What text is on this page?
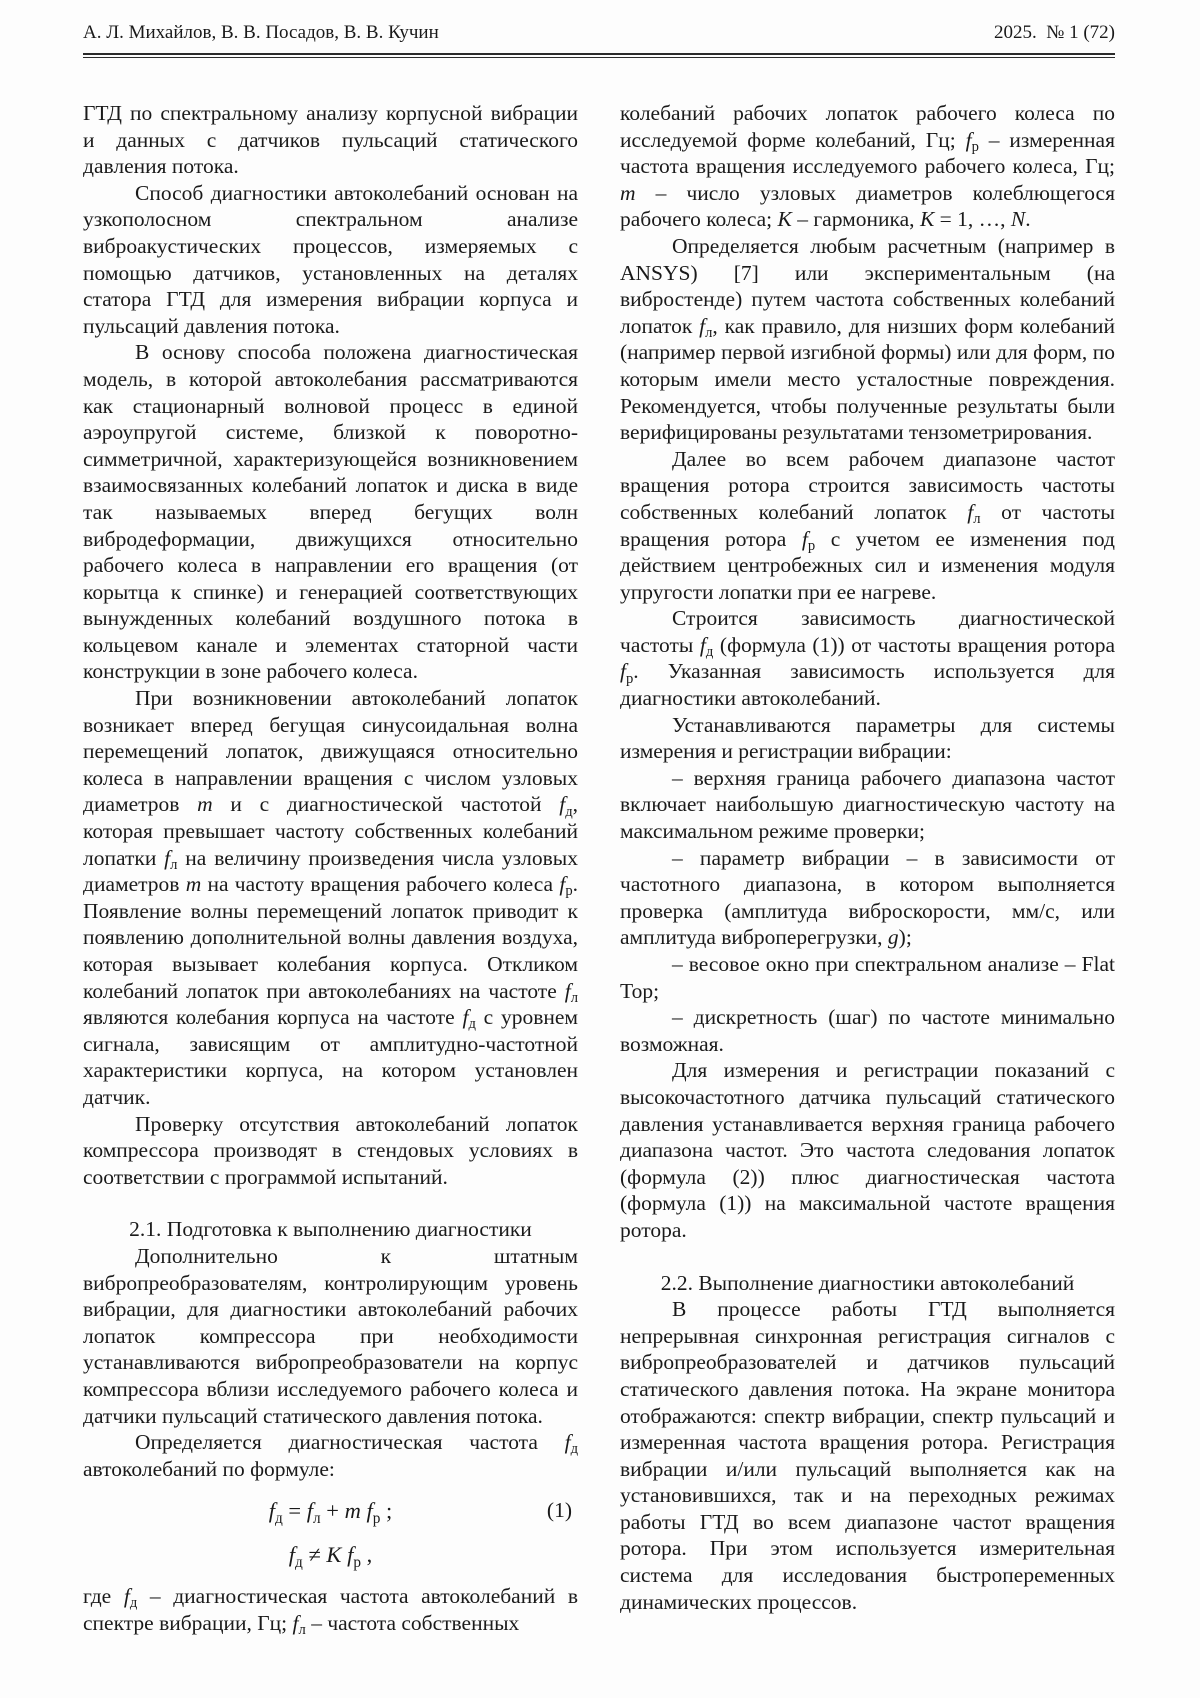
А. Л. Михайлов, В. В. Посадов, В. В. Кучин	2025.  № 1 (72)

ГТД по спектральному анализу корпусной вибрации и данных с датчиков пульсаций статического давления потока.

Способ диагностики автоколебаний основан на узкополосном спектральном анализе виброакустических процессов, измеряемых с помощью датчиков, установленных на деталях статора ГТД для измерения вибрации корпуса и пульсаций давления потока.

В основу способа положена диагностическая модель, в которой автоколебания рассматриваются как стационарный волновой процесс в единой аэроупругой системе, близкой к поворотно-симметричной, характеризующейся возникновением взаимосвязанных колебаний лопаток и диска в виде так называемых вперед бегущих волн вибродеформации, движущихся относительно рабочего колеса в направлении его вращения (от корытца к спинке) и генерацией соответствующих вынужденных колебаний воздушного потока в кольцевом канале и элементах статорной части конструкции в зоне рабочего колеса.

При возникновении автоколебаний лопаток возникает вперед бегущая синусоидальная волна перемещений лопаток, движущаяся относительно колеса в направлении вращения с числом узловых диаметров m и с диагностической частотой $f_д$, которая превышает частоту собственных колебаний лопатки $f_л$ на величину произведения числа узловых диаметров m на частоту вращения рабочего колеса $f_р$. Появление волны перемещений лопаток приводит к появлению дополнительной волны давления воздуха, которая вызывает колебания корпуса. Откликом колебаний лопаток при автоколебаниях на частоте $f_л$ являются колебания корпуса на частоте $f_д$ с уровнем сигнала, зависящим от амплитудно-частотной характеристики корпуса, на котором установлен датчик.

Проверку отсутствия автоколебаний лопаток компрессора производят в стендовых условиях в соответствии с программой испытаний.

2.1. Подготовка к выполнению диагностики

Дополнительно к штатным вибропреобразователям, контролирующим уровень вибрации, для диагностики автоколебаний рабочих лопаток компрессора при необходимости устанавливаются вибропреобразователи на корпус компрессора вблизи исследуемого рабочего колеса и датчики пульсаций статического давления потока.

Определяется диагностическая частота $f_д$ автоколебаний по формуле:

$f_д = f_л + m$ $f_р$ ;	(1)
$f_д \ne K$ $f_р$ ,

где $f_д$ – диагностическая частота автоколебаний в спектре вибрации, Гц; $f_л$ – частота собственных

колебаний рабочих лопаток рабочего колеса по исследуемой форме колебаний, Гц; $f_р$ – измеренная частота вращения исследуемого рабочего колеса, Гц; m – число узловых диаметров колеблющегося рабочего колеса; K – гармоника, K = 1, …, N.

Определяется любым расчетным (например в ANSYS) [7] или экспериментальным (на вибростенде) путем частота собственных колебаний лопаток $f_л$, как правило, для низших форм колебаний (например первой изгибной формы) или для форм, по которым имели место усталостные повреждения. Рекомендуется, чтобы полученные результаты были верифицированы результатами тензометрирования.

Далее во всем рабочем диапазоне частот вращения ротора строится зависимость частоты собственных колебаний лопаток $f_л$ от частоты вращения ротора $f_р$ с учетом ее изменения под действием центробежных сил и изменения модуля упругости лопатки при ее нагреве.

Строится зависимость диагностической частоты $f_д$ (формула (1)) от частоты вращения ротора $f_р$. Указанная зависимость используется для диагностики автоколебаний.

Устанавливаются параметры для системы измерения и регистрации вибрации:

– верхняя граница рабочего диапазона частот включает наибольшую диагностическую частоту на максимальном режиме проверки;

– параметр вибрации – в зависимости от частотного диапазона, в котором выполняется проверка (амплитуда виброскорости, мм/с, или амплитуда виброперегрузки, g);

– весовое окно при спектральном анализе – Flat Top;

– дискретность (шаг) по частоте минимально возможная.

Для измерения и регистрации показаний с высокочастотного датчика пульсаций статического давления устанавливается верхняя граница рабочего диапазона частот. Это частота следования лопаток (формула (2)) плюс диагностическая частота (формула (1)) на максимальной частоте вращения ротора.

2.2. Выполнение диагностики автоколебаний

В процессе работы ГТД выполняется непрерывная синхронная регистрация сигналов с вибропреобразователей и датчиков пульсаций статического давления потока. На экране монитора отображаются: спектр вибрации, спектр пульсаций и измеренная частота вращения ротора. Регистрация вибрации и/или пульсаций выполняется как на установившихся, так и на переходных режимах работы ГТД во всем диапазоне частот вращения ротора. При этом используется измерительная система для исследования быстропеременных динамических процессов.
